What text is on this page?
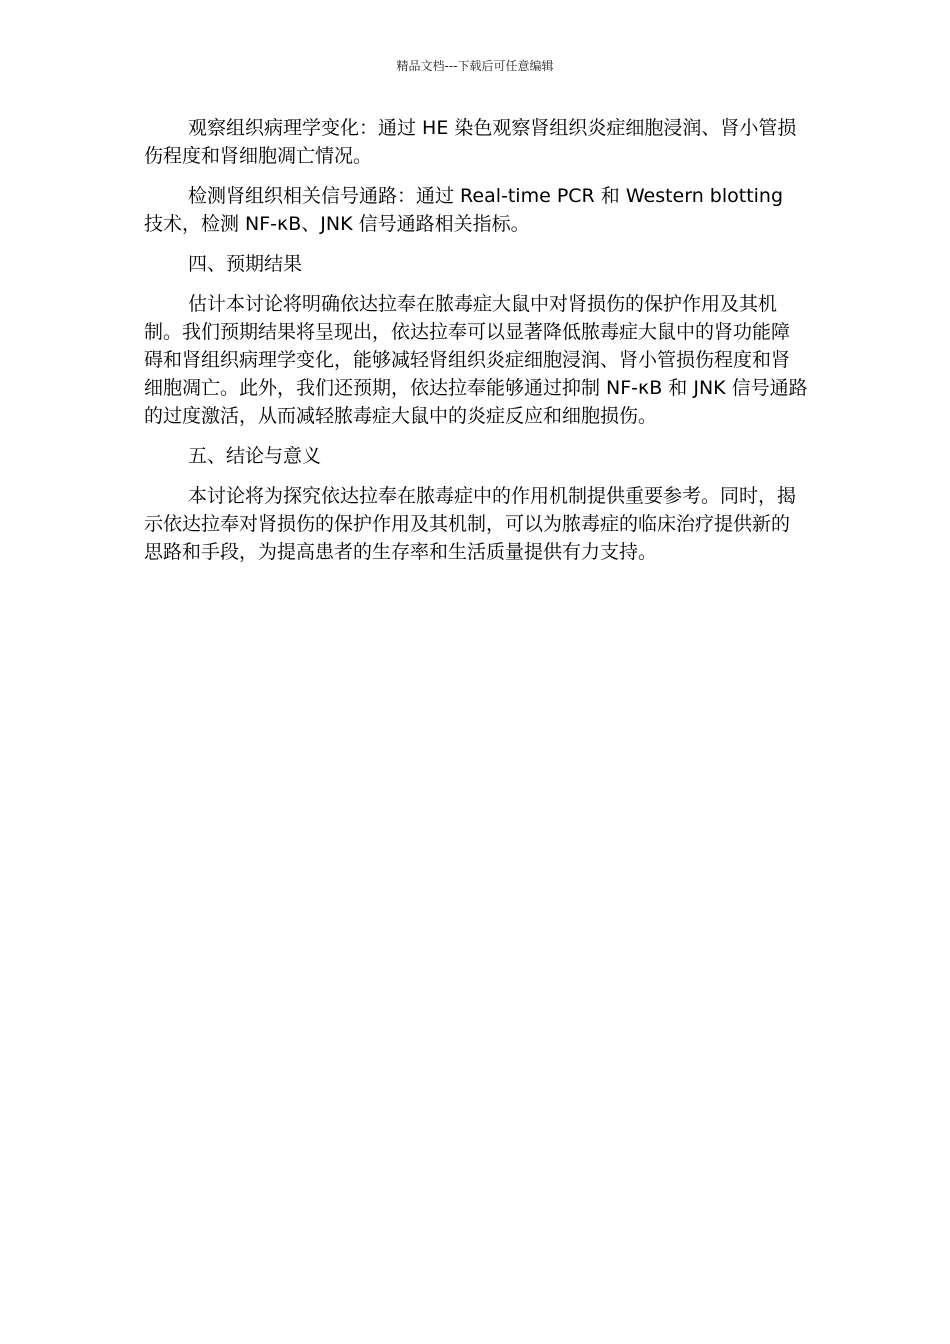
精品文档---下载后可任意编辑

观察组织病理学变化：通过 HE 染色观察肾组织炎症细胞浸润、肾小管损伤程度和肾细胞凋亡情况。

检测肾组织相关信号通路：通过 Real-time PCR 和 Western blotting 技术，检测 NF-κB、JNK 信号通路相关指标。

四、预期结果

估计本讨论将明确依达拉奉在脓毒症大鼠中对肾损伤的保护作用及其机制。我们预期结果将呈现出，依达拉奉可以显著降低脓毒症大鼠中的肾功能障碍和肾组织病理学变化，能够减轻肾组织炎症细胞浸润、肾小管损伤程度和肾细胞凋亡。此外，我们还预期，依达拉奉能够通过抑制 NF-κB 和 JNK 信号通路的过度激活，从而减轻脓毒症大鼠中的炎症反应和细胞损伤。

五、结论与意义

本讨论将为探究依达拉奉在脓毒症中的作用机制提供重要参考。同时，揭示依达拉奉对肾损伤的保护作用及其机制，可以为脓毒症的临床治疗提供新的思路和手段，为提高患者的生存率和生活质量提供有力支持。
